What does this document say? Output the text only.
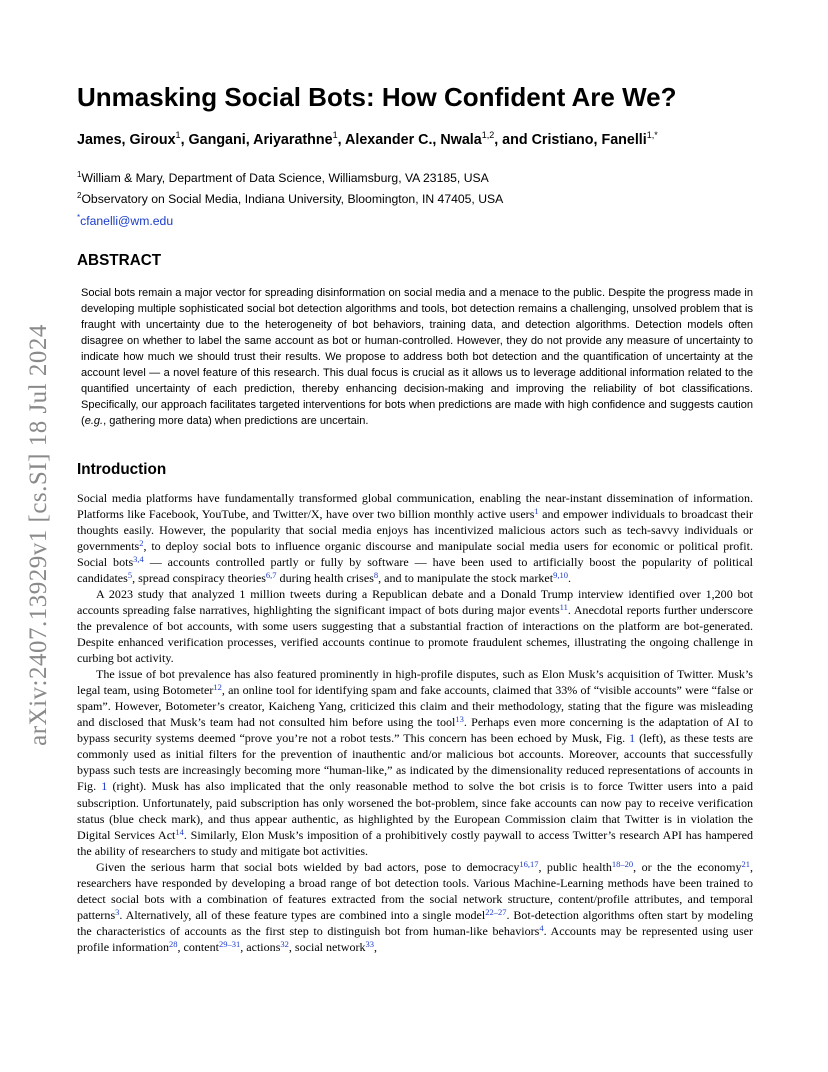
arXiv:2407.13929v1 [cs.SI] 18 Jul 2024
Unmasking Social Bots: How Confident Are We?
James, Giroux$^1$, Gangani, Ariyarathne$^1$, Alexander C., Nwala$^{1,2}$, and Cristiano, Fanelli$^{1,*}$
$^1$William & Mary, Department of Data Science, Williamsburg, VA 23185, USA
$^2$Observatory on Social Media, Indiana University, Bloomington, IN 47405, USA
*cfanelli@wm.edu
ABSTRACT
Social bots remain a major vector for spreading disinformation on social media and a menace to the public. Despite the progress made in developing multiple sophisticated social bot detection algorithms and tools, bot detection remains a challenging, unsolved problem that is fraught with uncertainty due to the heterogeneity of bot behaviors, training data, and detection algorithms. Detection models often disagree on whether to label the same account as bot or human-controlled. However, they do not provide any measure of uncertainty to indicate how much we should trust their results. We propose to address both bot detection and the quantification of uncertainty at the account level — a novel feature of this research. This dual focus is crucial as it allows us to leverage additional information related to the quantified uncertainty of each prediction, thereby enhancing decision-making and improving the reliability of bot classifications. Specifically, our approach facilitates targeted interventions for bots when predictions are made with high confidence and suggests caution (e.g., gathering more data) when predictions are uncertain.
Introduction

Social media platforms have fundamentally transformed global communication, enabling the near-instant dissemination of information. Platforms like Facebook, YouTube, and Twitter/X, have over two billion monthly active users$^1$ and empower individuals to broadcast their thoughts easily. However, the popularity that social media enjoys has incentivized malicious actors such as tech-savvy individuals or governments$^2$, to deploy social bots to influence organic discourse and manipulate social media users for economic or political profit. Social bots$^{3,4}$ — accounts controlled partly or fully by software — have been used to artificially boost the popularity of political candidates$^5$, spread conspiracy theories$^{6,7}$ during health crises$^8$, and to manipulate the stock market$^{9,10}$.

A 2023 study that analyzed 1 million tweets during a Republican debate and a Donald Trump interview identified over 1,200 bot accounts spreading false narratives, highlighting the significant impact of bots during major events$^{11}$. Anecdotal reports further underscore the prevalence of bot accounts, with some users suggesting that a substantial fraction of interactions on the platform are bot-generated. Despite enhanced verification processes, verified accounts continue to promote fraudulent schemes, illustrating the ongoing challenge in curbing bot activity.

The issue of bot prevalence has also featured prominently in high-profile disputes, such as Elon Musk’s acquisition of Twitter. Musk’s legal team, using Botometer$^{12}$, an online tool for identifying spam and fake accounts, claimed that 33% of “visible accounts” were “false or spam”. However, Botometer’s creator, Kaicheng Yang, criticized this claim and their methodology, stating that the figure was misleading and disclosed that Musk’s team had not consulted him before using the tool$^{13}$. Perhaps even more concerning is the adaptation of AI to bypass security systems deemed “prove you’re not a robot tests.” This concern has been echoed by Musk, Fig. 1 (left), as these tests are commonly used as initial filters for the prevention of inauthentic and/or malicious bot accounts. Moreover, accounts that successfully bypass such tests are increasingly becoming more “human-like,” as indicated by the dimensionality reduced representations of accounts in Fig. 1 (right). Musk has also implicated that the only reasonable method to solve the bot crisis is to force Twitter users into a paid subscription. Unfortunately, paid subscription has only worsened the bot-problem, since fake accounts can now pay to receive verification status (blue check mark), and thus appear authentic, as highlighted by the European Commission claim that Twitter is in violation the Digital Services Act$^{14}$. Similarly, Elon Musk’s imposition of a prohibitively costly paywall to access Twitter’s research API has hampered the ability of researchers to study and mitigate bot activities.

Given the serious harm that social bots wielded by bad actors, pose to democracy$^{16,17}$, public health$^{18-20}$, or the the economy$^{21}$, researchers have responded by developing a broad range of bot detection tools. Various Machine-Learning methods have been trained to detect social bots with a combination of features extracted from the social network structure, content/profile attributes, and temporal patterns$^3$. Alternatively, all of these feature types are combined into a single model$^{22-27}$. Bot-detection algorithms often start by modeling the characteristics of accounts as the first step to distinguish bot from human-like behaviors$^4$. Accounts may be represented using user profile information$^{28}$, content$^{29-31}$, actions$^{32}$, social network$^{33}$,
